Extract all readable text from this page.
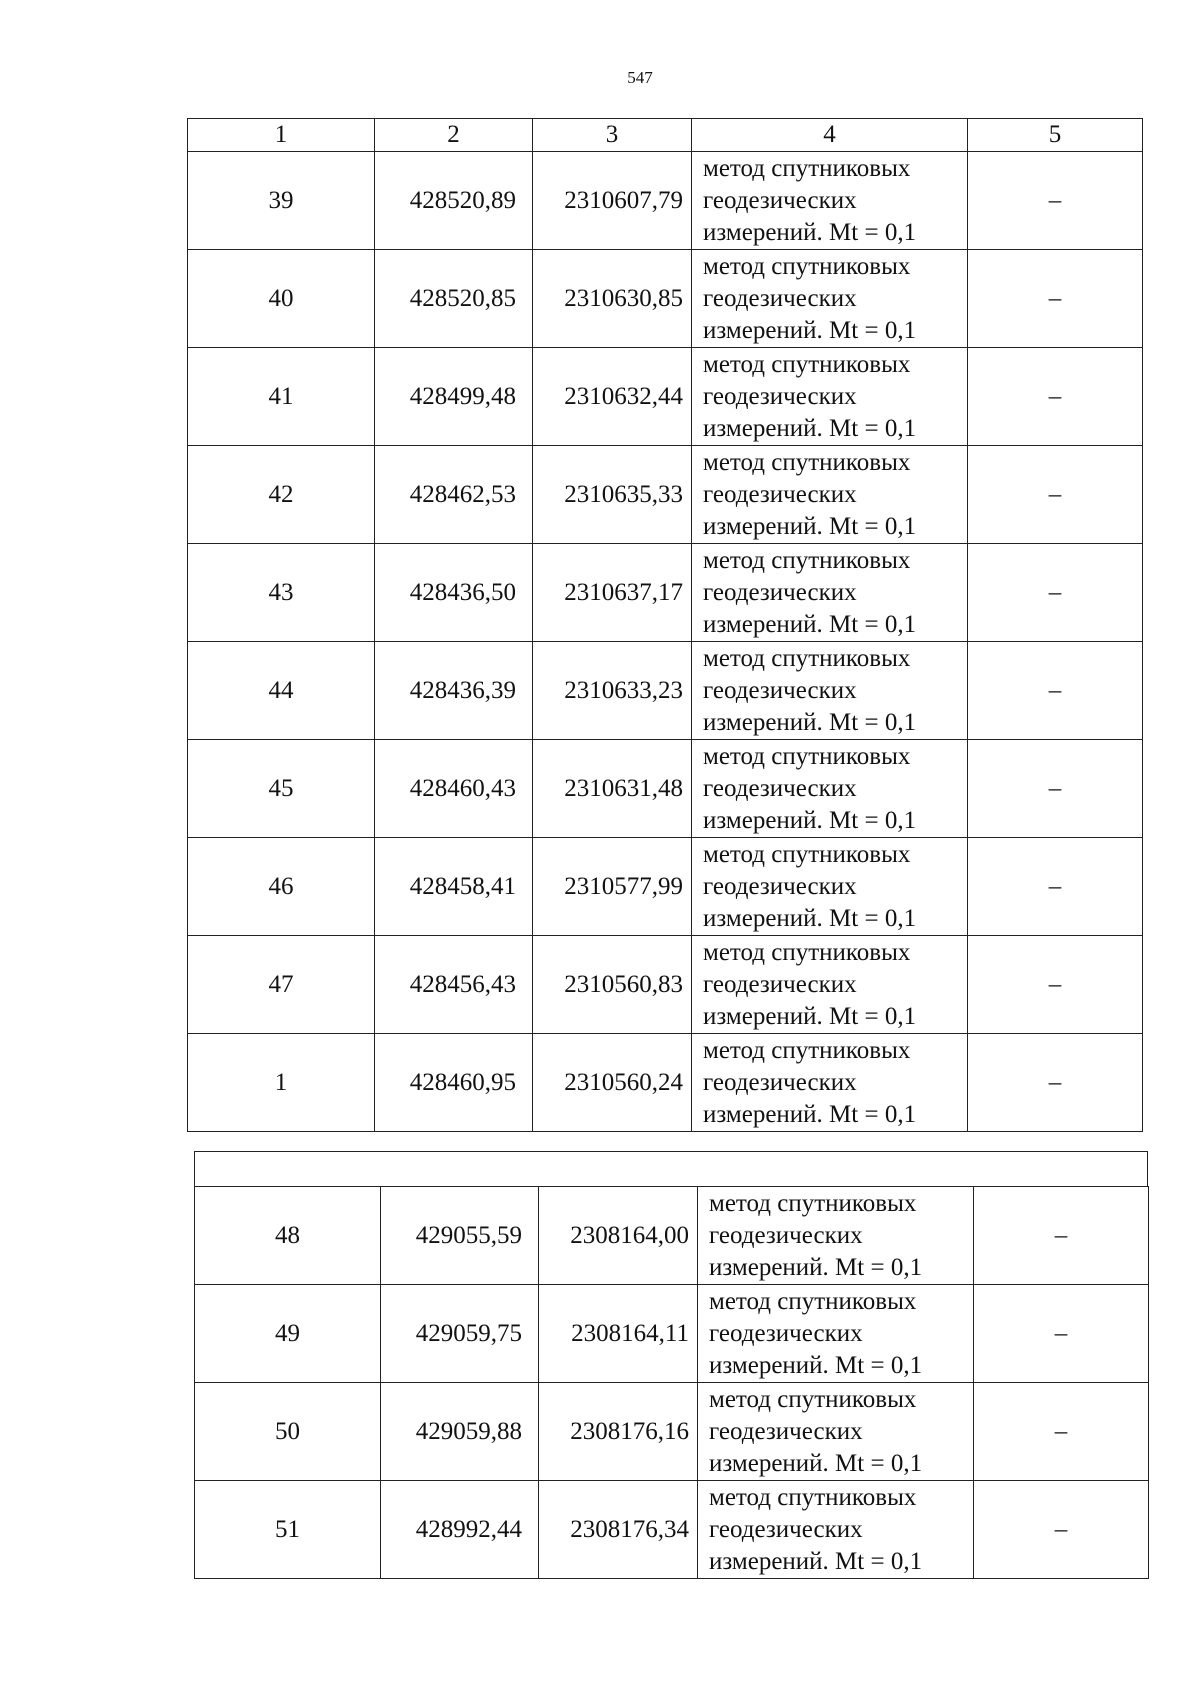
547
1	2	3	4	5
39	428520,89	2310607,79	метод спутниковых
геодезических
измерений. Mt = 0,1	–
40	428520,85	2310630,85	метод спутниковых
геодезических
измерений. Mt = 0,1	–
41	428499,48	2310632,44	метод спутниковых
геодезических
измерений. Mt = 0,1	–
42	428462,53	2310635,33	метод спутниковых
геодезических
измерений. Mt = 0,1	–
43	428436,50	2310637,17	метод спутниковых
геодезических
измерений. Mt = 0,1	–
44	428436,39	2310633,23	метод спутниковых
геодезических
измерений. Mt = 0,1	–
45	428460,43	2310631,48	метод спутниковых
геодезических
измерений. Mt = 0,1	–
46	428458,41	2310577,99	метод спутниковых
геодезических
измерений. Mt = 0,1	–
47	428456,43	2310560,83	метод спутниковых
геодезических
измерений. Mt = 0,1	–
1	428460,95	2310560,24	метод спутниковых
геодезических
измерений. Mt = 0,1	–
48	429055,59	2308164,00	метод спутниковых
геодезических
измерений. Mt = 0,1	–
49	429059,75	2308164,11	метод спутниковых
геодезических
измерений. Mt = 0,1	–
50	429059,88	2308176,16	метод спутниковых
геодезических
измерений. Mt = 0,1	–
51	428992,44	2308176,34	метод спутниковых
геодезических
измерений. Mt = 0,1	–
